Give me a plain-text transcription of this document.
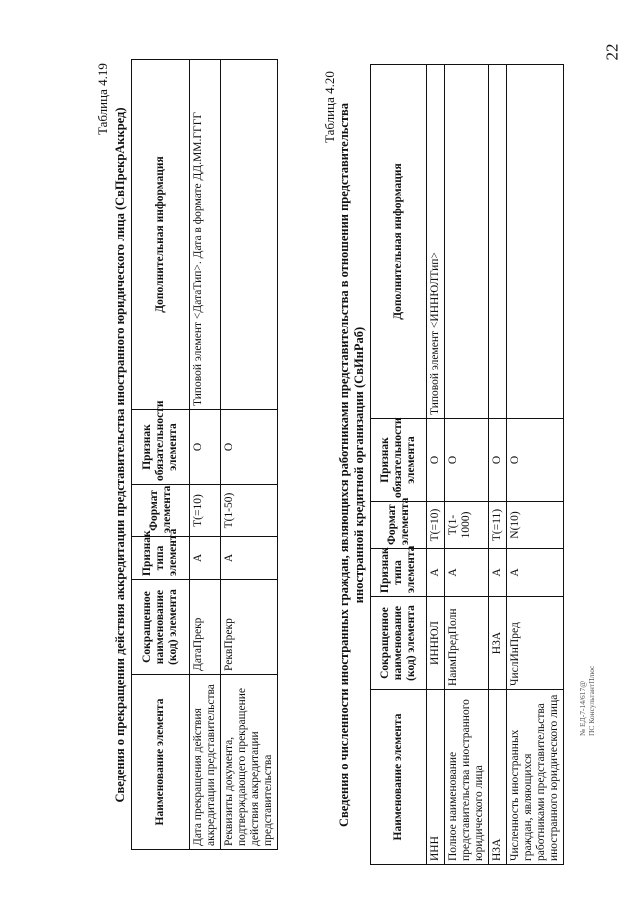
22
Таблица 4.19
Сведения о прекращении действия аккредитации представительства иностранного юридического лица (СвПрекрАккред) Наименование элемента	Сокращенное наименование (код) элемента	Признак типа элемента	Формат элемента	Признак обязательности элемента	Дополнительная информация
Дата прекращения действия аккредитации представительства	ДатаПрекр	А	T(=10)	О	Типовой элемент <ДатаТип>. Дата в формате ДД.ММ.ГГГГ
Реквизиты документа, подтверждающего прекращение действия аккредитации представительства	РеквПрекр	А	T(1-50)	О	
Таблица 4.20 Сведения о численности иностранных граждан, являющихся работниками представительства в отношении представительства иностранной кредитной организации (СвИнРаб)
Наименование элемента	Сокращенное наименование (код) элемента	Признак типа элемента	Формат элемента	Признак обязательности элемента	Дополнительная информация
ИНН	ИННЮЛ	А	T(=10)	О	Типовой элемент <ИННЮЛТип>
Полное наименование представительства иностранного юридического лица	НаимПредПолн	А	T(1-1000)	О	
НЗА	НЗА	А	T(=11)	О	
Численность иностранных граждан, являющихся работниками представительства иностранного юридического лица	ЧислИнПред	А	N(10)	О	
№ ЕД-7-14/617@ ПС КонсультантПлюс
